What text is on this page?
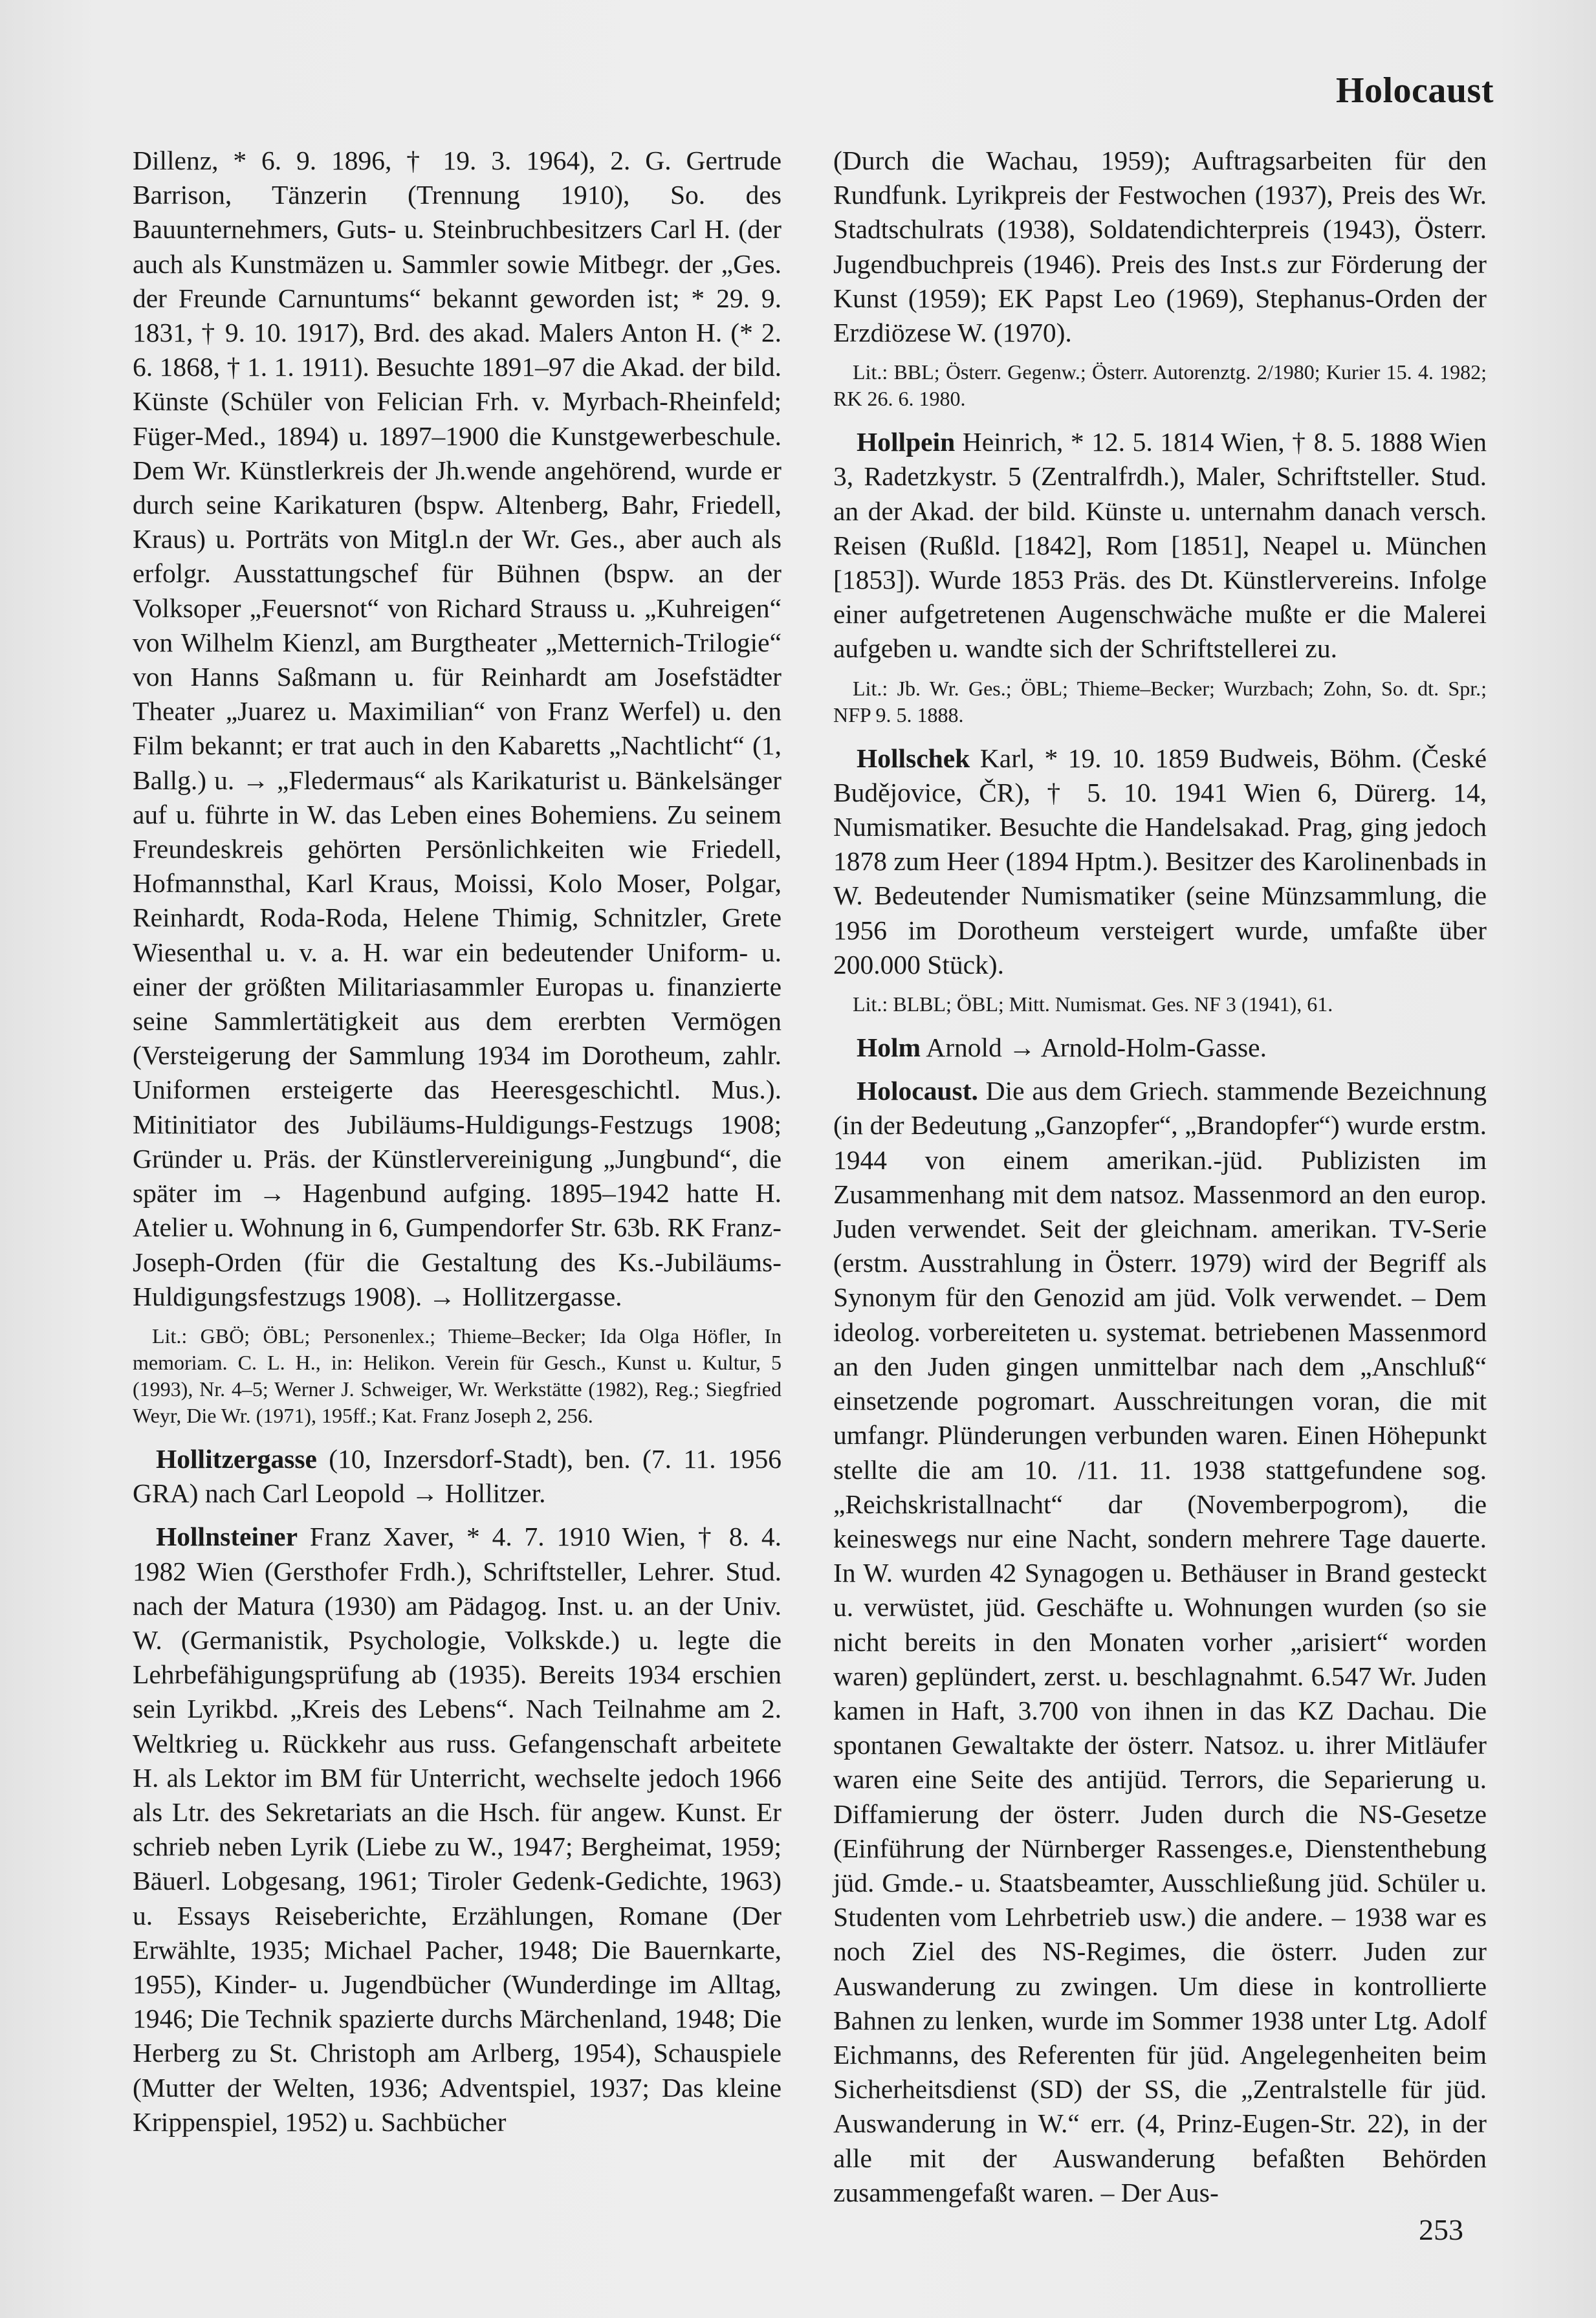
Holocaust

Dillenz, * 6. 9. 1896, † 19. 3. 1964), 2. G. Gertrude Barrison, Tänzerin (Trennung 1910), So. des Bauunternehmers, Guts- u. Steinbruchbesitzers Carl H. (der auch als Kunstmäzen u. Sammler sowie Mitbegr. der „Ges. der Freunde Carnuntums“ bekannt geworden ist; * 29. 9. 1831, † 9. 10. 1917), Brd. des akad. Malers Anton H. (* 2. 6. 1868, † 1. 1. 1911). Besuchte 1891–97 die Akad. der bild. Künste (Schüler von Felician Frh. v. Myrbach-Rheinfeld; Füger-Med., 1894) u. 1897–1900 die Kunstgewerbeschule. Dem Wr. Künstlerkreis der Jh.wende angehörend, wurde er durch seine Karikaturen (bspw. Altenberg, Bahr, Friedell, Kraus) u. Porträts von Mitgl.n der Wr. Ges., aber auch als erfolgr. Ausstattungschef für Bühnen (bspw. an der Volksoper „Feuersnot“ von Richard Strauss u. „Kuhreigen“ von Wilhelm Kienzl, am Burgtheater „Metternich-Trilogie“ von Hanns Saßmann u. für Reinhardt am Josefstädter Theater „Juarez u. Maximilian“ von Franz Werfel) u. den Film bekannt; er trat auch in den Kabaretts „Nachtlicht“ (1, Ballg.) u. → „Fledermaus“ als Karikaturist u. Bänkelsänger auf u. führte in W. das Leben eines Bohemiens. Zu seinem Freundeskreis gehörten Persönlichkeiten wie Friedell, Hofmannsthal, Karl Kraus, Moissi, Kolo Moser, Polgar, Reinhardt, Roda-Roda, Helene Thimig, Schnitzler, Grete Wiesenthal u. v. a. H. war ein bedeutender Uniform- u. einer der größten Militariasammler Europas u. finanzierte seine Sammlertätigkeit aus dem ererbten Vermögen (Versteigerung der Sammlung 1934 im Dorotheum, zahlr. Uniformen ersteigerte das Heeresgeschichtl. Mus.). Mitinitiator des Jubiläums-Huldigungs-Festzugs 1908; Gründer u. Präs. der Künstlervereinigung „Jungbund“, die später im → Hagenbund aufging. 1895–1942 hatte H. Atelier u. Wohnung in 6, Gumpendorfer Str. 63b. RK Franz-Joseph-Orden (für die Gestaltung des Ks.-Jubiläums-Huldigungsfestzugs 1908). → Hollitzergasse.

Lit.: GBÖ; ÖBL; Personenlex.; Thieme–Becker; Ida Olga Höfler, In memoriam. C. L. H., in: Helikon. Verein für Gesch., Kunst u. Kultur, 5 (1993), Nr. 4–5; Werner J. Schweiger, Wr. Werkstätte (1982), Reg.; Siegfried Weyr, Die Wr. (1971), 195ff.; Kat. Franz Joseph 2, 256.

Hollitzergasse (10, Inzersdorf-Stadt), ben. (7. 11. 1956 GRA) nach Carl Leopold → Hollitzer.

Hollnsteiner Franz Xaver, * 4. 7. 1910 Wien, † 8. 4. 1982 Wien (Gersthofer Frdh.), Schriftsteller, Lehrer. Stud. nach der Matura (1930) am Pädagog. Inst. u. an der Univ. W. (Germanistik, Psychologie, Volkskde.) u. legte die Lehrbefähigungsprüfung ab (1935). Bereits 1934 erschien sein Lyrikbd. „Kreis des Lebens“. Nach Teilnahme am 2. Weltkrieg u. Rückkehr aus russ. Gefangenschaft arbeitete H. als Lektor im BM für Unterricht, wechselte jedoch 1966 als Ltr. des Sekretariats an die Hsch. für angew. Kunst. Er schrieb neben Lyrik (Liebe zu W., 1947; Bergheimat, 1959; Bäuerl. Lobgesang, 1961; Tiroler Gedenk-Gedichte, 1963) u. Essays Reiseberichte, Erzählungen, Romane (Der Erwählte, 1935; Michael Pacher, 1948; Die Bauernkarte, 1955), Kinder- u. Jugendbücher (Wunderdinge im Alltag, 1946; Die Technik spazierte durchs Märchenland, 1948; Die Herberg zu St. Christoph am Arlberg, 1954), Schauspiele (Mutter der Welten, 1936; Adventspiel, 1937; Das kleine Krippenspiel, 1952) u. Sachbücher

(Durch die Wachau, 1959); Auftragsarbeiten für den Rundfunk. Lyrikpreis der Festwochen (1937), Preis des Wr. Stadtschulrats (1938), Soldatendichterpreis (1943), Österr. Jugendbuchpreis (1946). Preis des Inst.s zur Förderung der Kunst (1959); EK Papst Leo (1969), Stephanus-Orden der Erzdiözese W. (1970).

Lit.: BBL; Österr. Gegenw.; Österr. Autorenztg. 2/1980; Kurier 15. 4. 1982; RK 26. 6. 1980.

Hollpein Heinrich, * 12. 5. 1814 Wien, † 8. 5. 1888 Wien 3, Radetzkystr. 5 (Zentralfrdh.), Maler, Schriftsteller. Stud. an der Akad. der bild. Künste u. unternahm danach versch. Reisen (Rußld. [1842], Rom [1851], Neapel u. München [1853]). Wurde 1853 Präs. des Dt. Künstlervereins. Infolge einer aufgetretenen Augenschwäche mußte er die Malerei aufgeben u. wandte sich der Schriftstellerei zu.

Lit.: Jb. Wr. Ges.; ÖBL; Thieme–Becker; Wurzbach; Zohn, So. dt. Spr.; NFP 9. 5. 1888.

Hollschek Karl, * 19. 10. 1859 Budweis, Böhm. (České Budějovice, ČR), † 5. 10. 1941 Wien 6, Dürerg. 14, Numismatiker. Besuchte die Handelsakad. Prag, ging jedoch 1878 zum Heer (1894 Hptm.). Besitzer des Karolinenbads in W. Bedeutender Numismatiker (seine Münzsammlung, die 1956 im Dorotheum versteigert wurde, umfaßte über 200.000 Stück).

Lit.: BLBL; ÖBL; Mitt. Numismat. Ges. NF 3 (1941), 61.

Holm Arnold → Arnold-Holm-Gasse.

Holocaust. Die aus dem Griech. stammende Bezeichnung (in der Bedeutung „Ganzopfer“, „Brandopfer“) wurde erstm. 1944 von einem amerikan.-jüd. Publizisten im Zusammenhang mit dem natsoz. Massenmord an den europ. Juden verwendet. Seit der gleichnam. amerikan. TV-Serie (erstm. Ausstrahlung in Österr. 1979) wird der Begriff als Synonym für den Genozid am jüd. Volk verwendet. – Dem ideolog. vorbereiteten u. systemat. betriebenen Massenmord an den Juden gingen unmittelbar nach dem „Anschluß“ einsetzende pogromart. Ausschreitungen voran, die mit umfangr. Plünderungen verbunden waren. Einen Höhepunkt stellte die am 10. /11. 11. 1938 stattgefundene sog. „Reichskristallnacht“ dar (Novemberpogrom), die keineswegs nur eine Nacht, sondern mehrere Tage dauerte. In W. wurden 42 Synagogen u. Bethäuser in Brand gesteckt u. verwüstet, jüd. Geschäfte u. Wohnungen wurden (so sie nicht bereits in den Monaten vorher „arisiert“ worden waren) geplündert, zerst. u. beschlagnahmt. 6.547 Wr. Juden kamen in Haft, 3.700 von ihnen in das KZ Dachau. Die spontanen Gewaltakte der österr. Natsoz. u. ihrer Mitläufer waren eine Seite des antijüd. Terrors, die Separierung u. Diffamierung der österr. Juden durch die NS-Gesetze (Einführung der Nürnberger Rassenges.e, Dienstenthebung jüd. Gmde.- u. Staatsbeamter, Ausschließung jüd. Schüler u. Studenten vom Lehrbetrieb usw.) die andere. – 1938 war es noch Ziel des NS-Regimes, die österr. Juden zur Auswanderung zu zwingen. Um diese in kontrollierte Bahnen zu lenken, wurde im Sommer 1938 unter Ltg. Adolf Eichmanns, des Referenten für jüd. Angelegenheiten beim Sicherheitsdienst (SD) der SS, die „Zentralstelle für jüd. Auswanderung in W.“ err. (4, Prinz-Eugen-Str. 22), in der alle mit der Auswanderung befaßten Behörden zusammengefaßt waren. – Der Aus-

253
